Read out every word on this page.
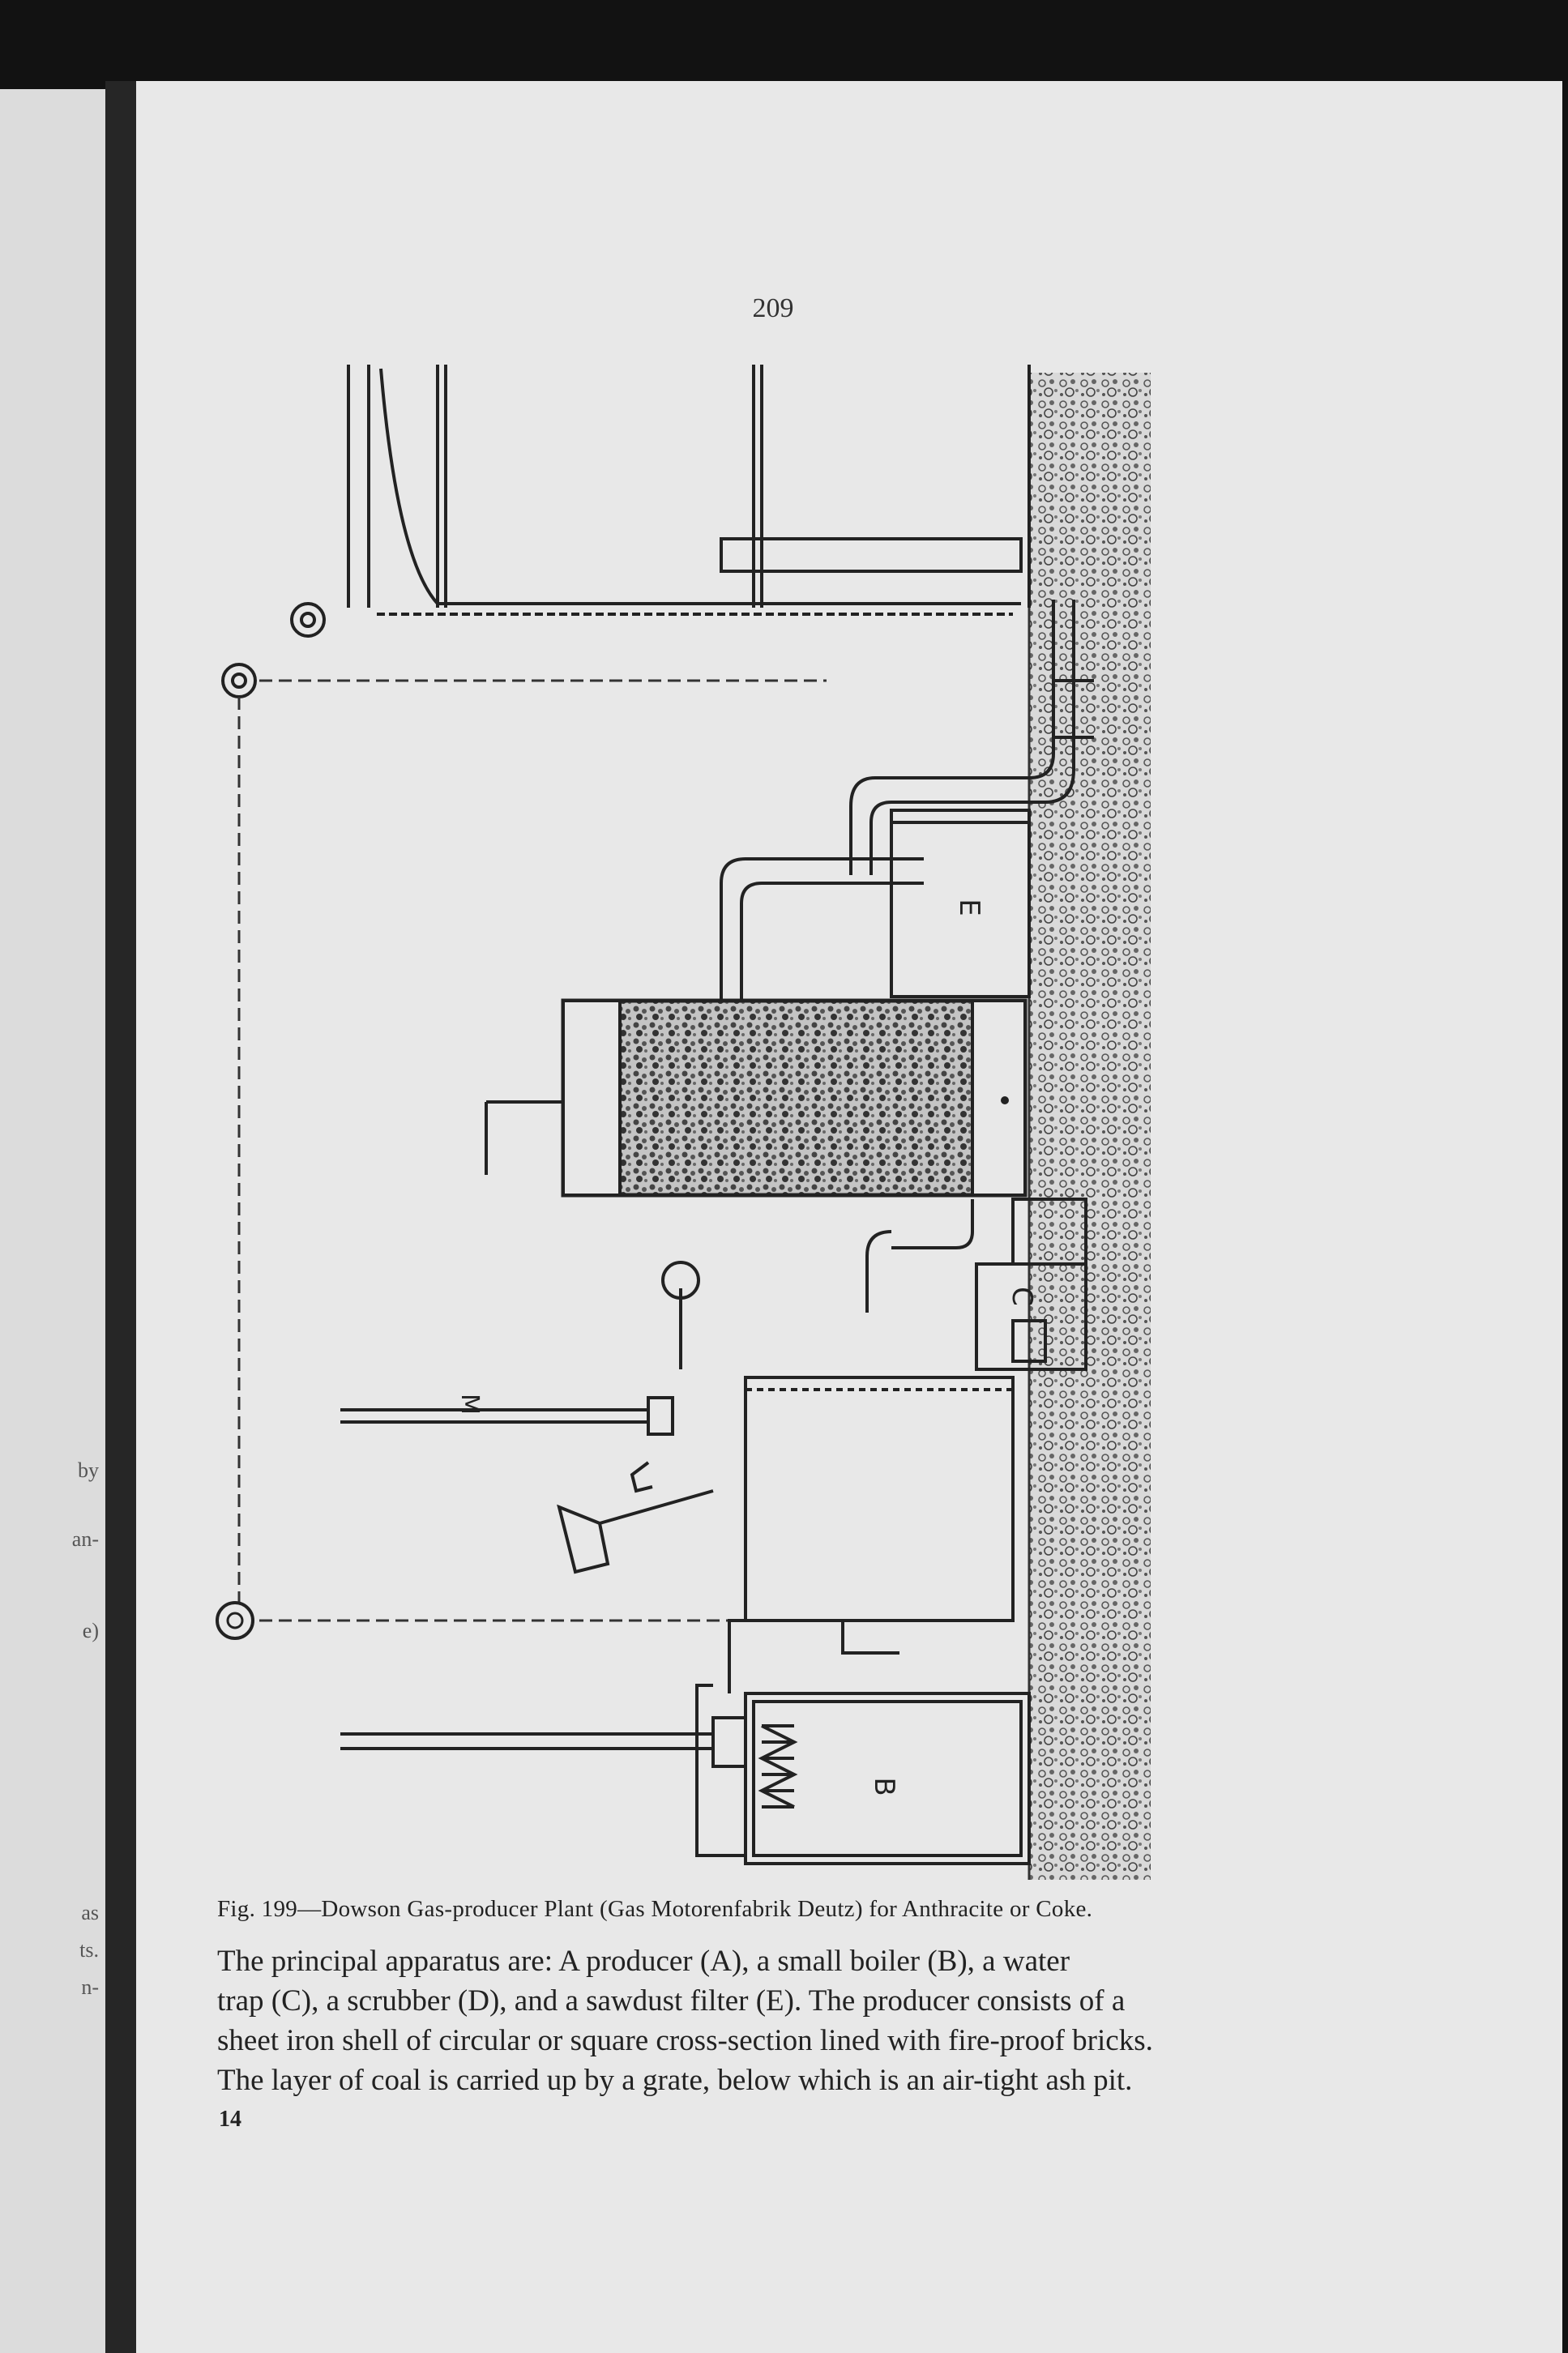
by
an-
e)
as
ts.
n-
209
E
C
M
B
Fig. 199—Dowson Gas-producer Plant (Gas Motorenfabrik Deutz) for Anthracite or Coke.

The principal apparatus are: A producer (A), a small boiler (B), a water

trap (C), a scrubber (D), and a sawdust filter (E). The producer consists of a

sheet iron shell of circular or square cross-section lined with fire-proof bricks.

The layer of coal is carried up by a grate, below which is an air-tight ash pit.

14
